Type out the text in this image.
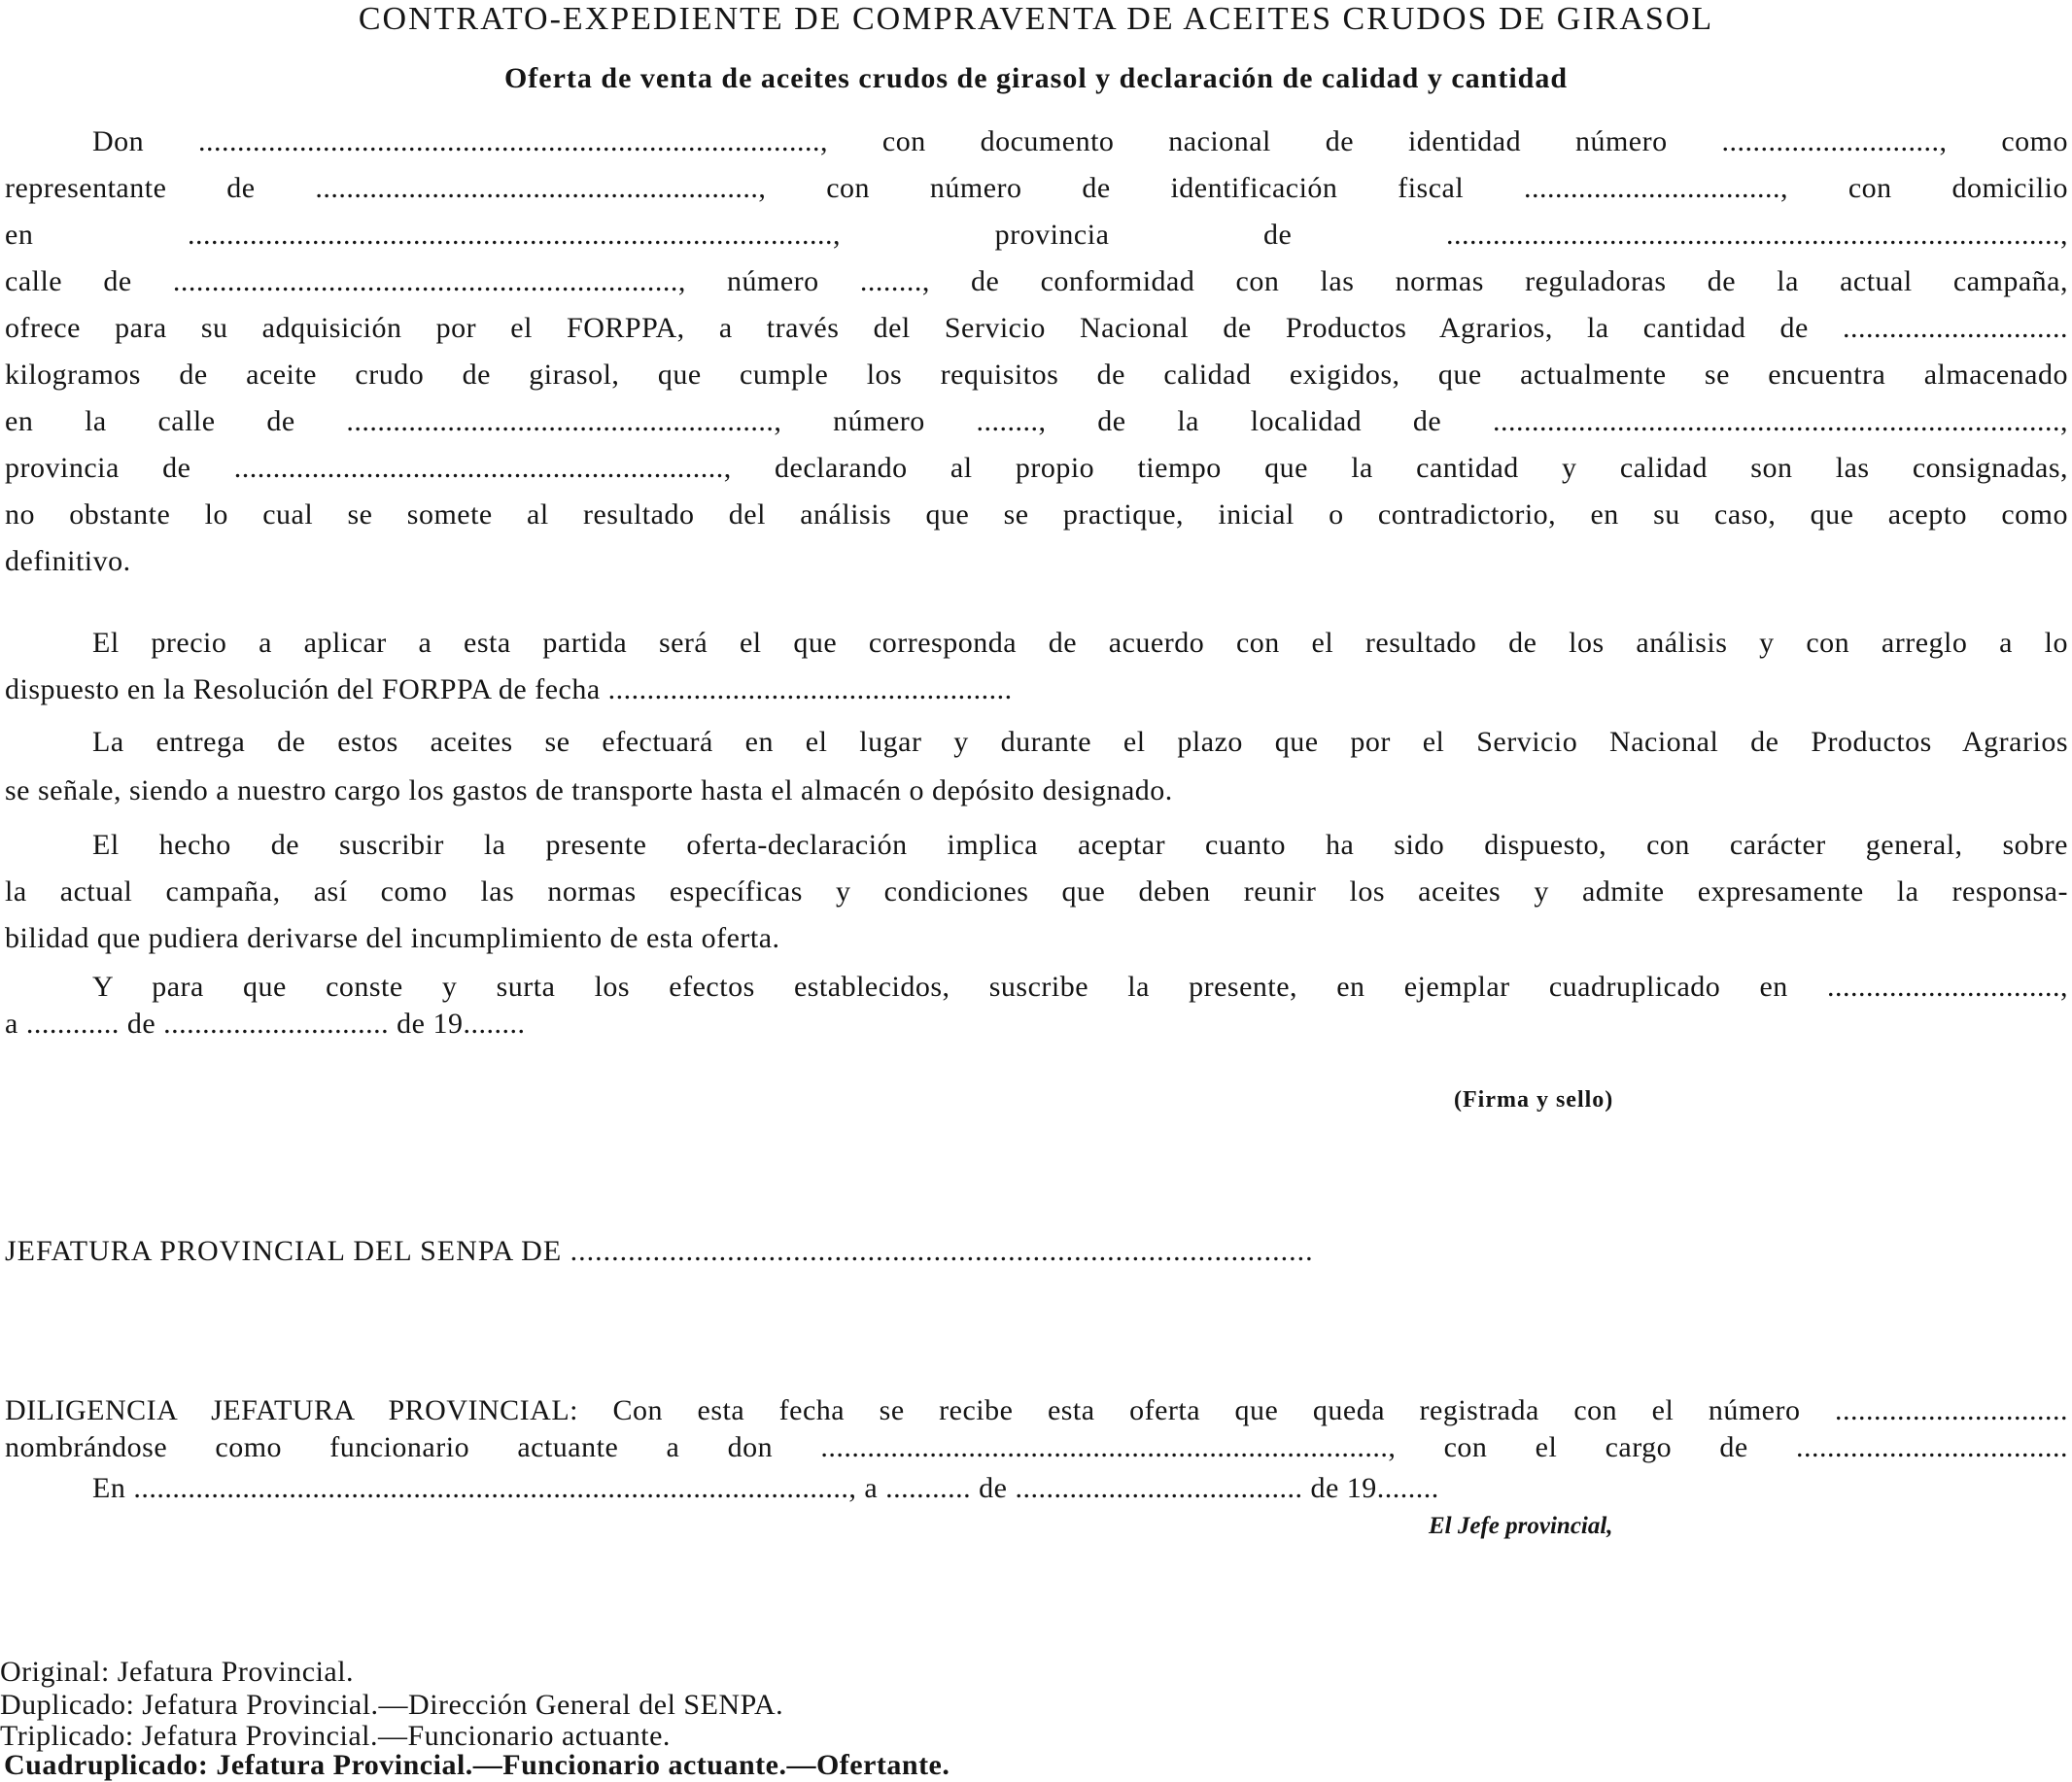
CONTRATO-EXPEDIENTE DE COMPRAVENTA DE ACEITES CRUDOS DE GIRASOL
Oferta de venta de aceites crudos de girasol y declaración de calidad y cantidad
Don ................................................................................, con documento nacional de identidad número ............................, como
representante de ........................................................., con número de identificación fiscal ................................., con domicilio
en ..................................................................................., provincia de ...............................................................................,
calle de ................................................................., número ........, de conformidad con las normas reguladoras de la actual campaña,
ofrece para su adquisición por el FORPPA, a través del Servicio Nacional de Productos Agrarios, la cantidad de .............................
kilogramos de aceite crudo de girasol, que cumple los requisitos de calidad exigidos, que actualmente se encuentra almacenado
en la calle de ......................................................., número ........, de la localidad de .........................................................................,
provincia de ..............................................................., declarando al propio tiempo que la cantidad y calidad son las consignadas,
no obstante lo cual se somete al resultado del análisis que se practique, inicial o contradictorio, en su caso, que acepto como
definitivo.
El precio a aplicar a esta partida será el que corresponda de acuerdo con el resultado de los análisis y con arreglo a lo
dispuesto en la Resolución del FORPPA de fecha ....................................................
La entrega de estos aceites se efectuará en el lugar y durante el plazo que por el Servicio Nacional de Productos Agrarios
se señale, siendo a nuestro cargo los gastos de transporte hasta el almacén o depósito designado.
El hecho de suscribir la presente oferta-declaración implica aceptar cuanto ha sido dispuesto, con carácter general, sobre
la actual campaña, así como las normas específicas y condiciones que deben reunir los aceites y admite expresamente la responsa-
bilidad que pudiera derivarse del incumplimiento de esta oferta.
Y para que conste y surta los efectos establecidos, suscribe la presente, en ejemplar cuadruplicado en ..............................,
a ............ de ............................. de 19........
(Firma y sello)
JEFATURA PROVINCIAL DEL SENPA DE ..........................................................................................
DILIGENCIA JEFATURA PROVINCIAL: Con esta fecha se recibe esta oferta que queda registrada con el número ..............................
nombrándose como funcionario actuante a don ........................................................................., con el cargo de ...................................
En ............................................................................................, a ........... de ..................................... de 19........
El Jefe provincial,
Original: Jefatura Provincial.
Duplicado: Jefatura Provincial.—Dirección General del SENPA.
Triplicado: Jefatura Provincial.—Funcionario actuante.
Cuadruplicado: Jefatura Provincial.—Funcionario actuante.—Ofertante.
